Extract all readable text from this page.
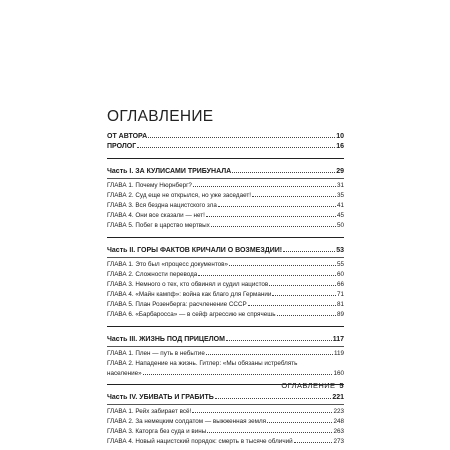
ОГЛАВЛЕНИЕ
ОТ АВТОРА	10
ПРОЛОГ	16
Часть I. ЗА КУЛИСАМИ ТРИБУНАЛА	29
ГЛАВА 1. Почему Нюрнберг?	31
ГЛАВА 2. Суд еще не открылся, но уже заседает!	35
ГЛАВА 3. Вся бездна нацистского зла	41
ГЛАВА 4. Они все сказали — нет!	45
ГЛАВА 5. Побег в царство мертвых	50
Часть II. ГОРЫ ФАКТОВ КРИЧАЛИ О ВОЗМЕЗДИИ!	53
ГЛАВА 1. Это был «процесс документов»	55
ГЛАВА 2. Сложности перевода	60
ГЛАВА 3. Немного о тех, кто обвинял и судил нацистов	66
ГЛАВА 4. «Майн кампф»: война как благо для Германии	71
ГЛАВА 5. План Розенберга: расчленение СССР	81
ГЛАВА 6. «Барбаросса» — в сейф агрессию не спрячешь	89
Часть III. ЖИЗНЬ ПОД ПРИЦЕЛОМ	117
ГЛАВА 1. Плен — путь в небытие	119
ГЛАВА 2. Нападение на жизнь. Гитлер: «Мы обязаны истреблять
население»	160
Часть IV. УБИВАТЬ И ГРАБИТЬ	221
ГЛАВА 1. Рейх забирает всё!	223
ГЛАВА 2. За немецким солдатом — выжженная земля	248
ГЛАВА 3. Каторга без суда и вины	263
ГЛАВА 4. Новый нацистский порядок: смерть в тысяче обличий	273
ОГЛАВЛЕНИЕ 5
